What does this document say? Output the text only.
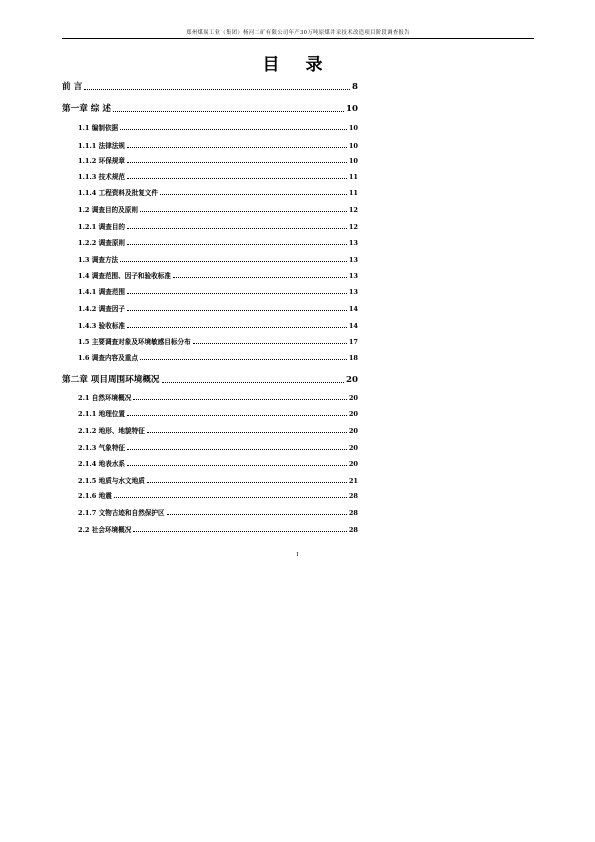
郑州煤炭工业（集团）杨河二矿有限公司年产30万吨原煤井采技术改造项目阶段调查报告
目 录
前 言	8
第一章 综 述	10
1.1 编制依据	10
1.1.1 法律法规	10
1.1.2 环保规章	10
1.1.3 技术规范	11
1.1.4 工程资料及批复文件	11
1.2 调查目的及原则	12
1.2.1 调查目的	12
1.2.2 调查原则	13
1.3 调查方法	13
1.4 调查范围、因子和验收标准	13
1.4.1 调查范围	13
1.4.2 调查因子	14
1.4.3 验收标准	14
1.5 主要调查对象及环境敏感目标分布	17
1.6 调查内容及重点	18
第二章 项目周围环境概况	20
2.1 自然环境概况	20
2.1.1 地理位置	20
2.1.2 地形、地貌特征	20
2.1.3 气象特征	20
2.1.4 地表水系	20
2.1.5 地质与水文地质	21
2.1.6 地震	28
2.1.7 文物古迹和自然保护区	28
2.2 社会环境概况	28
I
